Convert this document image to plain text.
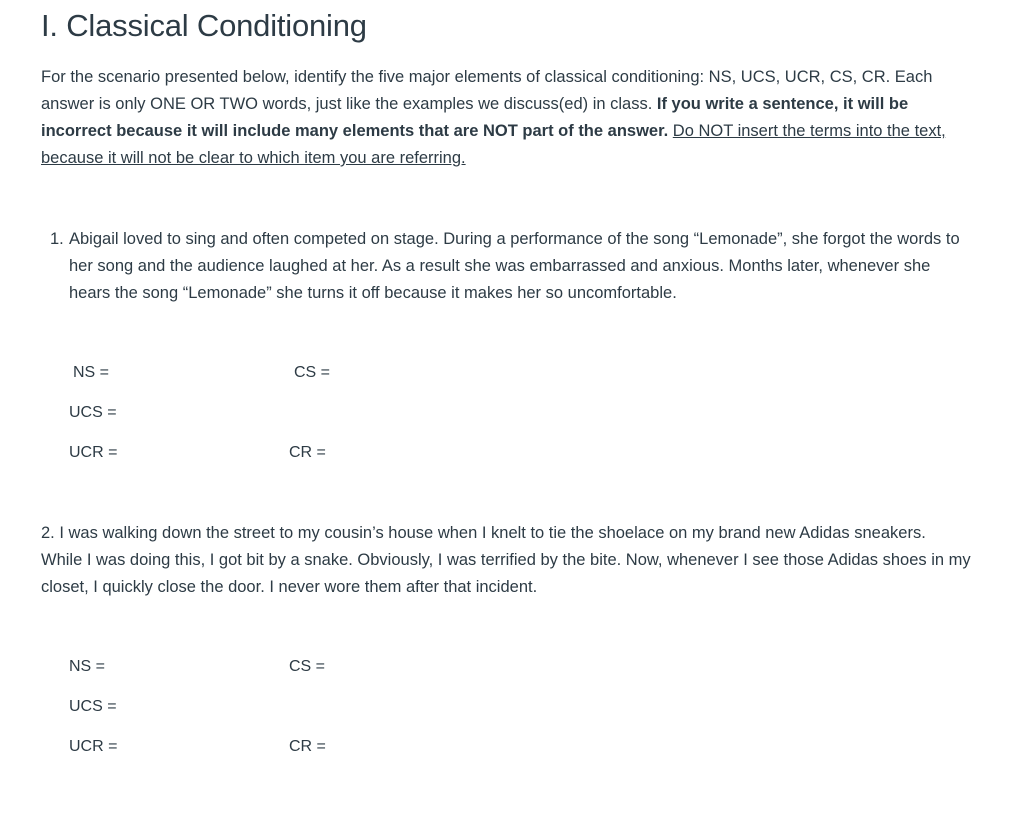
I. Classical Conditioning

For the scenario presented below, identify the five major elements of classical conditioning: NS, UCS, UCR, CS, CR. Each answer is only ONE OR TWO words, just like the examples we discuss(ed) in class. If you write a sentence, it will be incorrect because it will include many elements that are NOT part of the answer. Do NOT insert the terms into the text, because it will not be clear to which item you are referring.

1. Abigail loved to sing and often competed on stage. During a performance of the song “Lemonade”, she forgot the words to her song and the audience laughed at her. As a result she was embarrassed and anxious. Months later, whenever she hears the song “Lemonade” she turns it off because it makes her so uncomfortable.
NS =
UCS =
UCR =
CS =
CR =

2. I was walking down the street to my cousin’s house when I knelt to tie the shoelace on my brand new Adidas sneakers. While I was doing this, I got bit by a snake. Obviously, I was terrified by the bite. Now, whenever I see those Adidas shoes in my closet, I quickly close the door. I never wore them after that incident.

NS =
UCS =
UCR =
CS =
CR =
